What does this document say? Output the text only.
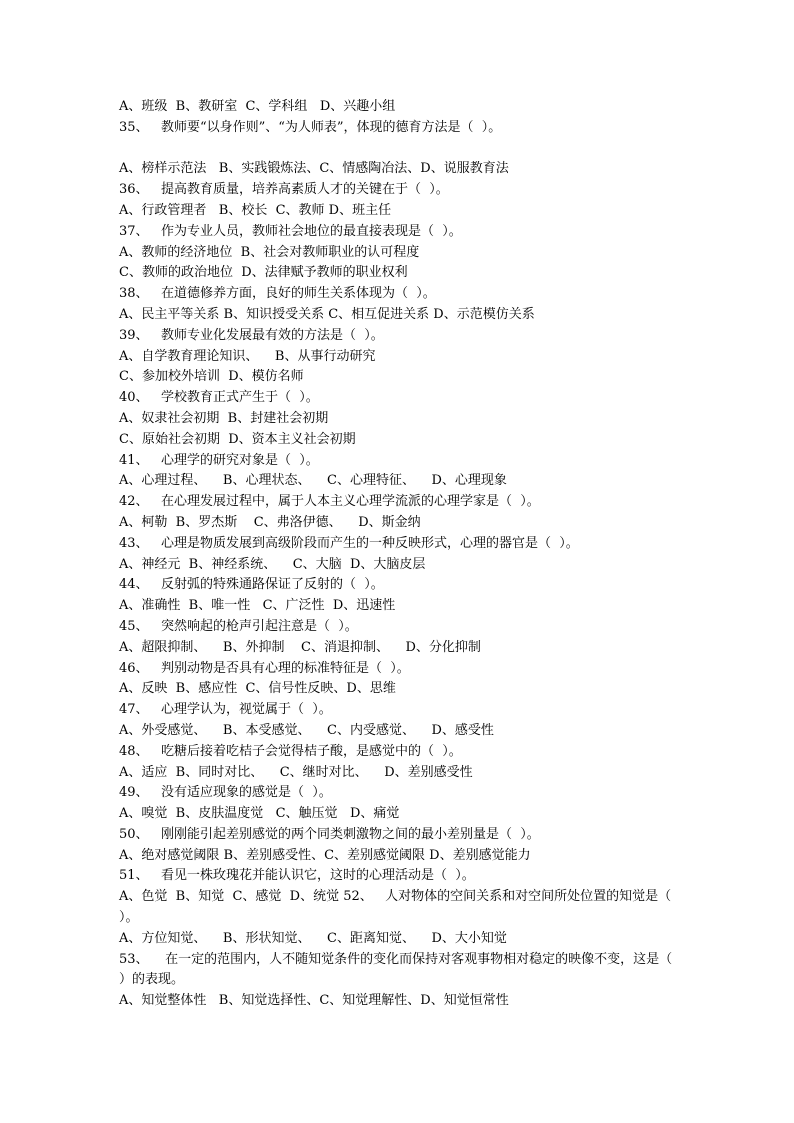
A、班级  B、教研室  C、学科组   D、兴趣小组
35、   教师要“以身作则”、“为人师表”，体现的德育方法是（  ）。
A、榜样示范法   B、实践锻炼法、C、情感陶冶法、D、说服教育法
36、   提高教育质量，培养高素质人才的关键在于（  ）。
A、行政管理者   B、校长  C、教师 D、班主任
37、   作为专业人员，教师社会地位的最直接表现是（  ）。
A、教师的经济地位  B、社会对教师职业的认可程度
C、教师的政治地位  D、法律赋予教师的职业权利
38、   在道德修养方面，良好的师生关系体现为（  ）。
A、民主平等关系 B、知识授受关系 C、相互促进关系 D、示范模仿关系
39、   教师专业化发展最有效的方法是（  ）。
A、自学教育理论知识、    B、从事行动研究
C、参加校外培训  D、模仿名师
40、   学校教育正式产生于（  ）。
A、奴隶社会初期  B、封建社会初期
C、原始社会初期  D、资本主义社会初期
41、   心理学的研究对象是（  ）。
A、心理过程、    B、心理状态、    C、心理特征、    D、心理现象
42、   在心理发展过程中，属于人本主义心理学流派的心理学家是（  ）。
A、柯勒  B、罗杰斯    C、弗洛伊德、    D、斯金纳
43、   心理是物质发展到高级阶段而产生的一种反映形式，心理的器官是（  ）。
A、神经元  B、神经系统、    C、大脑  D、大脑皮层
44、   反射弧的特殊通路保证了反射的（  ）。
A、准确性  B、唯一性   C、广泛性  D、迅速性
45、   突然响起的枪声引起注意是（  ）。
A、超限抑制、    B、外抑制    C、消退抑制、    D、分化抑制
46、   判别动物是否具有心理的标准特征是（  ）。
A、反映  B、感应性  C、信号性反映、D、思维
47、   心理学认为，视觉属于（  ）。
A、外受感觉、    B、本受感觉、    C、内受感觉、    D、感受性
48、   吃糖后接着吃桔子会觉得桔子酸，是感觉中的（  ）。
A、适应  B、同时对比、    C、继时对比、    D、差别感受性
49、   没有适应现象的感觉是（  ）。
A、嗅觉  B、皮肤温度觉   C、触压觉   D、痛觉
50、   刚刚能引起差别感觉的两个同类刺激物之间的最小差别量是（  ）。
A、绝对感觉阈限 B、差别感受性、C、差别感觉阈限 D、差别感觉能力
51、   看见一株玫瑰花并能认识它，这时的心理活动是（  ）。
A、色觉  B、知觉  C、感觉  D、统觉 52、   人对物体的空间关系和对空间所处位置的知觉是（  ）。
A、方位知觉、    B、形状知觉、    C、距离知觉、    D、大小知觉
53、    在一定的范围内，人不随知觉条件的变化而保持对客观事物相对稳定的映像不变，这是（  ）的表现。
A、知觉整体性   B、知觉选择性、C、知觉理解性、D、知觉恒常性
